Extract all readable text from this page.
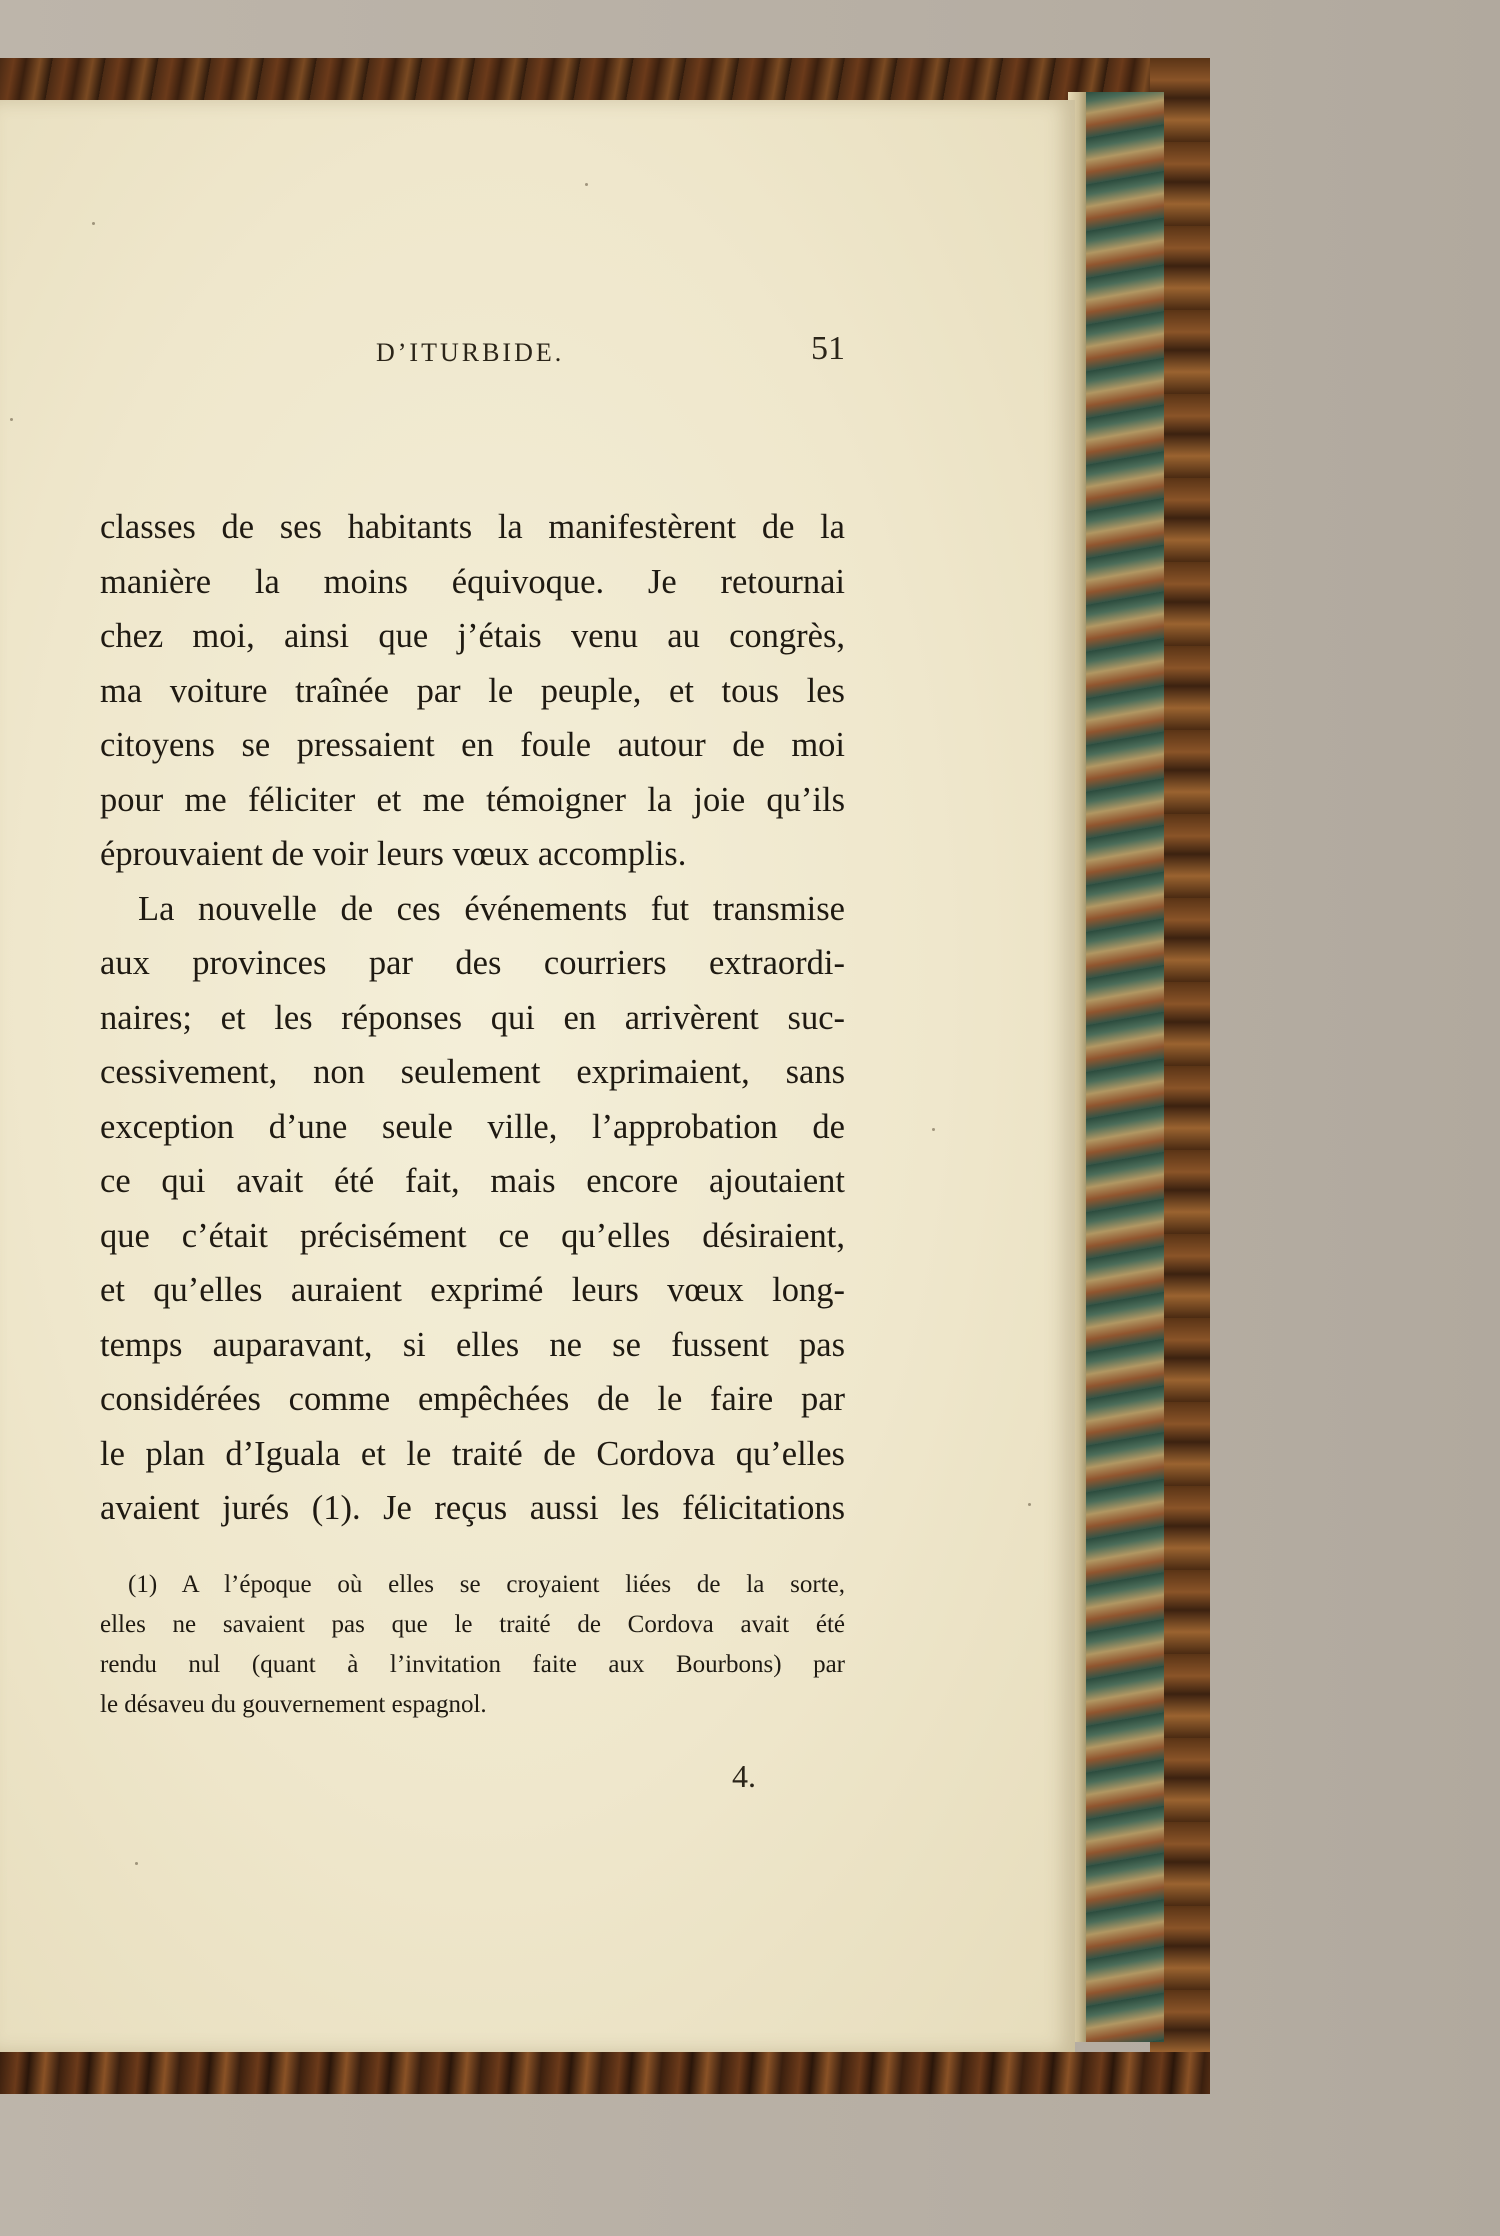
D’ITURBIDE.	51
classes de ses habitants la manifestèrent de la
manière la moins équivoque. Je retournai
chez moi, ainsi que j’étais venu au congrès,
ma voiture traînée par le peuple, et tous les
citoyens se pressaient en foule autour de moi
pour me féliciter et me témoigner la joie qu’ils
éprouvaient de voir leurs vœux accomplis.
La nouvelle de ces événements fut transmise
aux provinces par des courriers extraordi-
naires; et les réponses qui en arrivèrent suc-
cessivement, non seulement exprimaient, sans
exception d’une seule ville, l’approbation de
ce qui avait été fait, mais encore ajoutaient
que c’était précisément ce qu’elles désiraient,
et qu’elles auraient exprimé leurs vœux long-
temps auparavant, si elles ne se fussent pas
considérées comme empêchées de le faire par
le plan d’Iguala et le traité de Cordova qu’elles
avaient jurés (1). Je reçus aussi les félicitations
(1) A l’époque où elles se croyaient liées de la sorte,
elles ne savaient pas que le traité de Cordova avait été
rendu nul (quant à l’invitation faite aux Bourbons) par
le désaveu du gouvernement espagnol.
4.
